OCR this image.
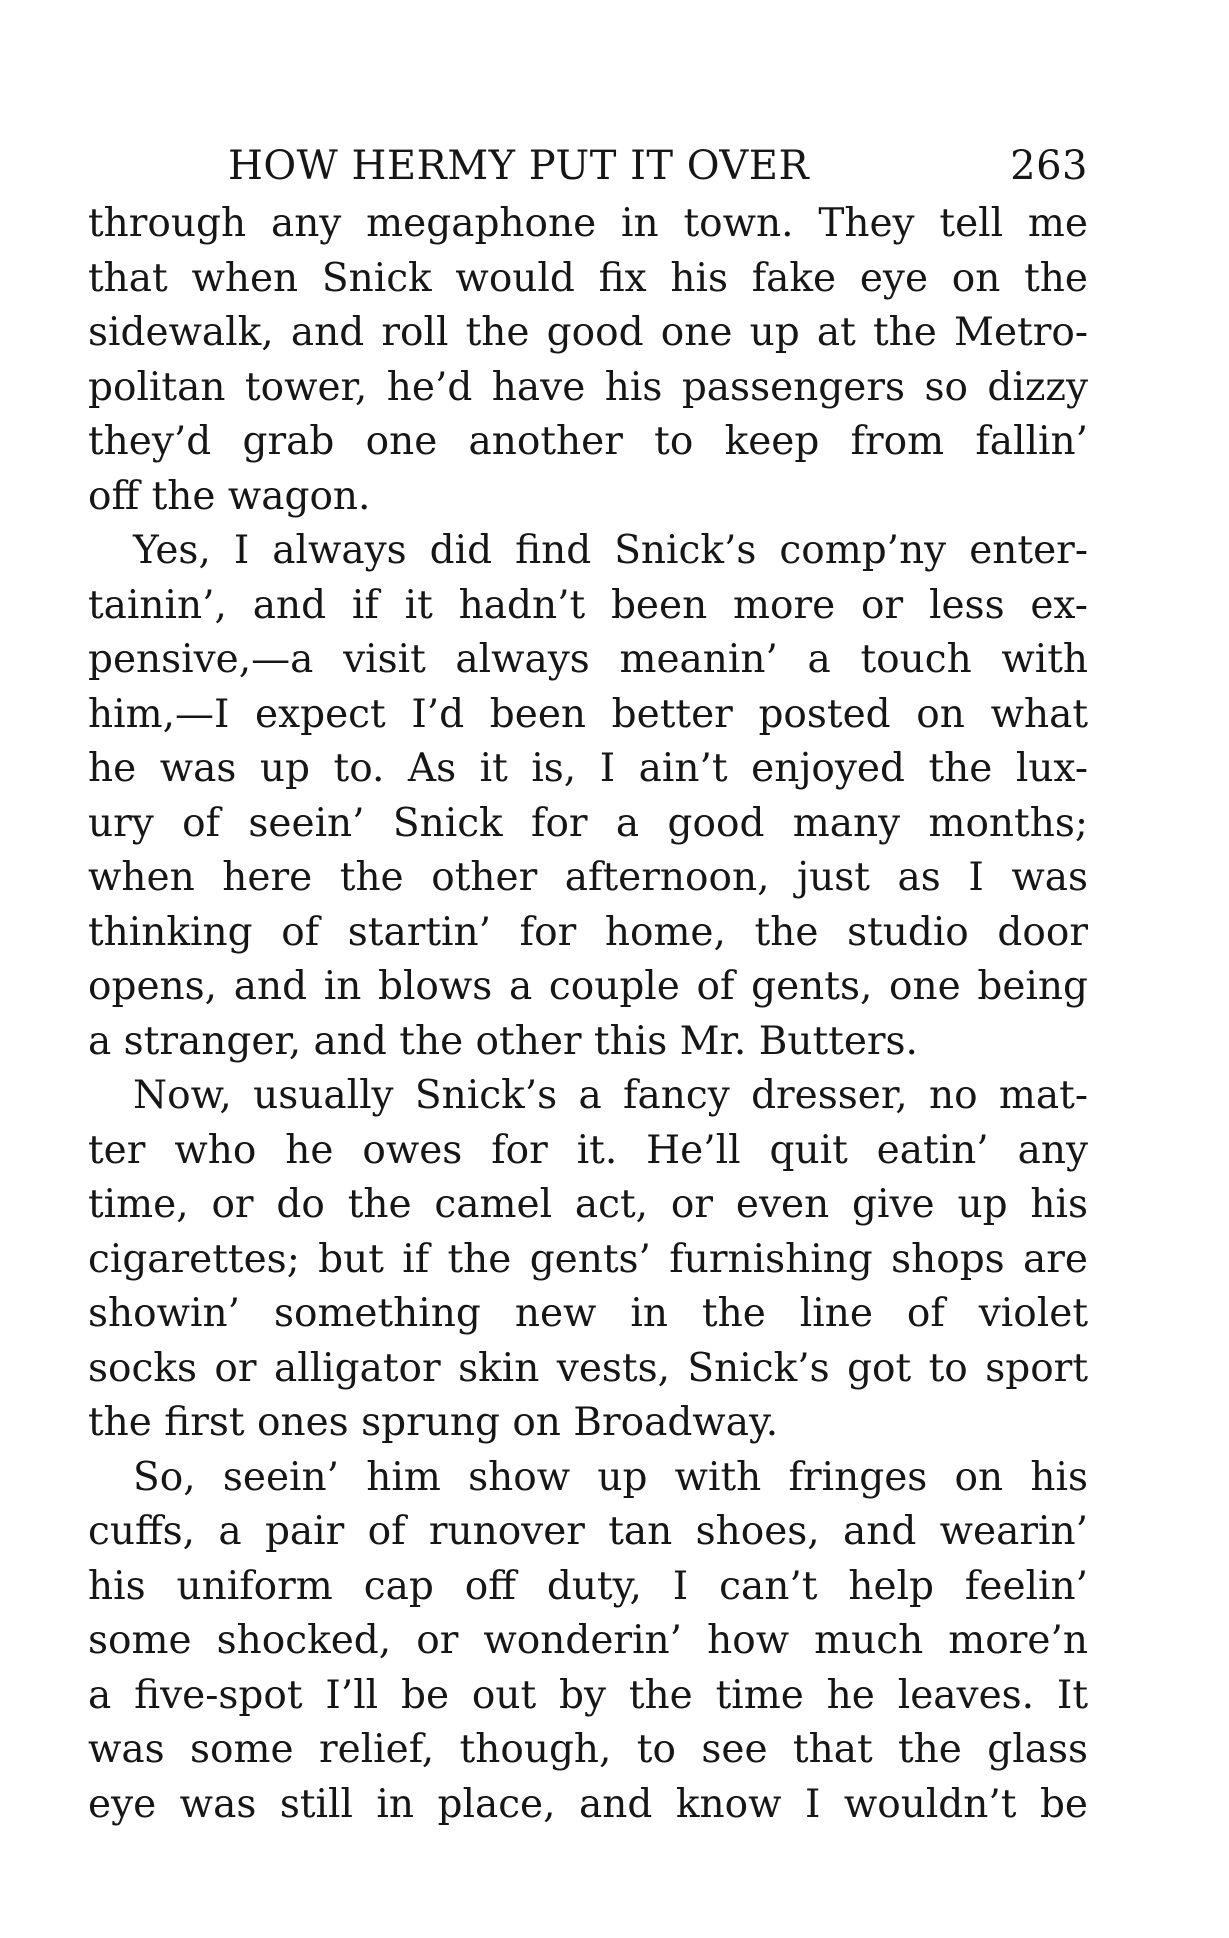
HOW HERMY PUT IT OVER	263
through any megaphone in town. They tell me
that when Snick would fix his fake eye on the
sidewalk, and roll the good one up at the Metro-
politan tower, he’d have his passengers so dizzy
they’d grab one another to keep from fallin’
off the wagon.
Yes, I always did find Snick’s comp’ny enter-
tainin’, and if it hadn’t been more or less ex-
pensive,—a visit always meanin’ a touch with
him,—I expect I’d been better posted on what
he was up to. As it is, I ain’t enjoyed the lux-
ury of seein’ Snick for a good many months;
when here the other afternoon, just as I was
thinking of startin’ for home, the studio door
opens, and in blows a couple of gents, one being
a stranger, and the other this Mr. Butters.
Now, usually Snick’s a fancy dresser, no mat-
ter who he owes for it. He’ll quit eatin’ any
time, or do the camel act, or even give up his
cigarettes; but if the gents’ furnishing shops are
showin’ something new in the line of violet
socks or alligator skin vests, Snick’s got to sport
the first ones sprung on Broadway.
So, seein’ him show up with fringes on his
cuffs, a pair of runover tan shoes, and wearin’
his uniform cap off duty, I can’t help feelin’
some shocked, or wonderin’ how much more’n
a five-spot I’ll be out by the time he leaves. It
was some relief, though, to see that the glass
eye was still in place, and know I wouldn’t be
